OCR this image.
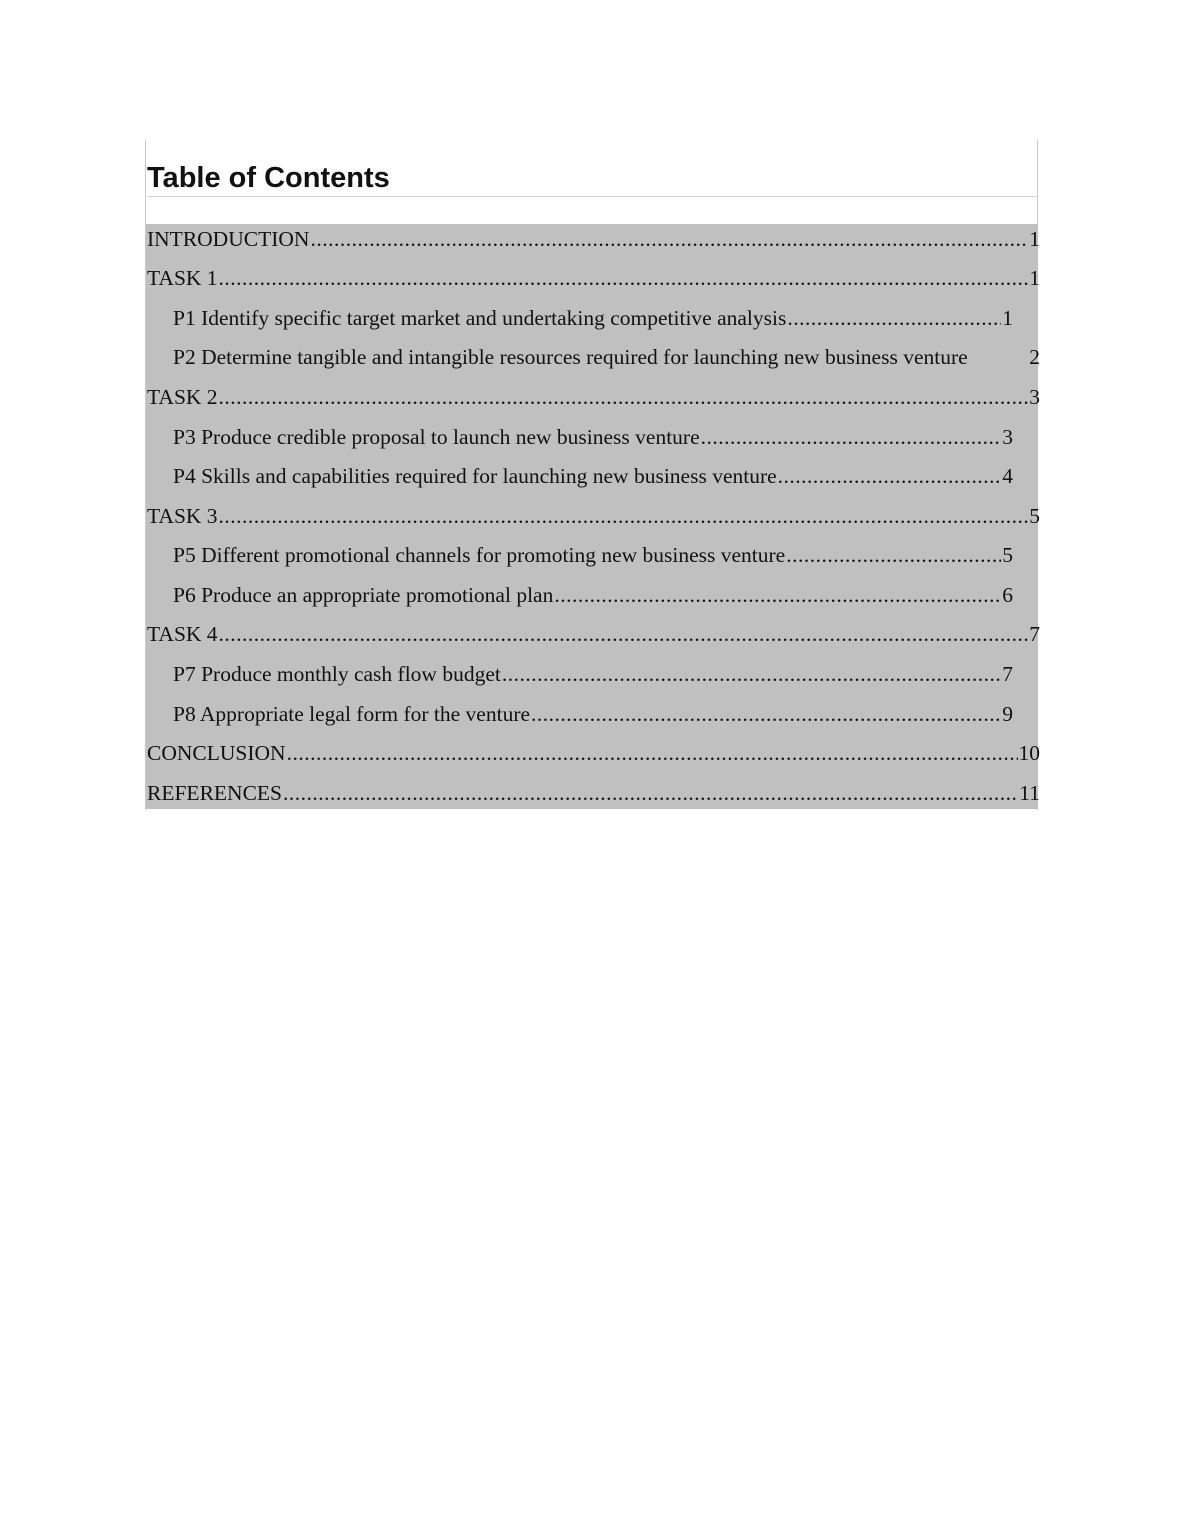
Table of Contents
INTRODUCTION .....	1
TASK 1 .....	1
P1 Identify specific target market and undertaking competitive analysis .....	1
P2 Determine tangible and intangible resources required for launching new business venture	2
TASK 2 .....	3
P3 Produce credible proposal to launch new business venture .....	3
P4 Skills and capabilities required for launching new business venture .....	4
TASK 3 .....	5
P5 Different promotional channels for promoting new business venture .....	5
P6 Produce an appropriate promotional plan .....	6
TASK 4 .....	7
P7 Produce monthly cash flow budget .....	7
P8 Appropriate legal form for the venture .....	9
CONCLUSION .....	10
REFERENCES .....	11
